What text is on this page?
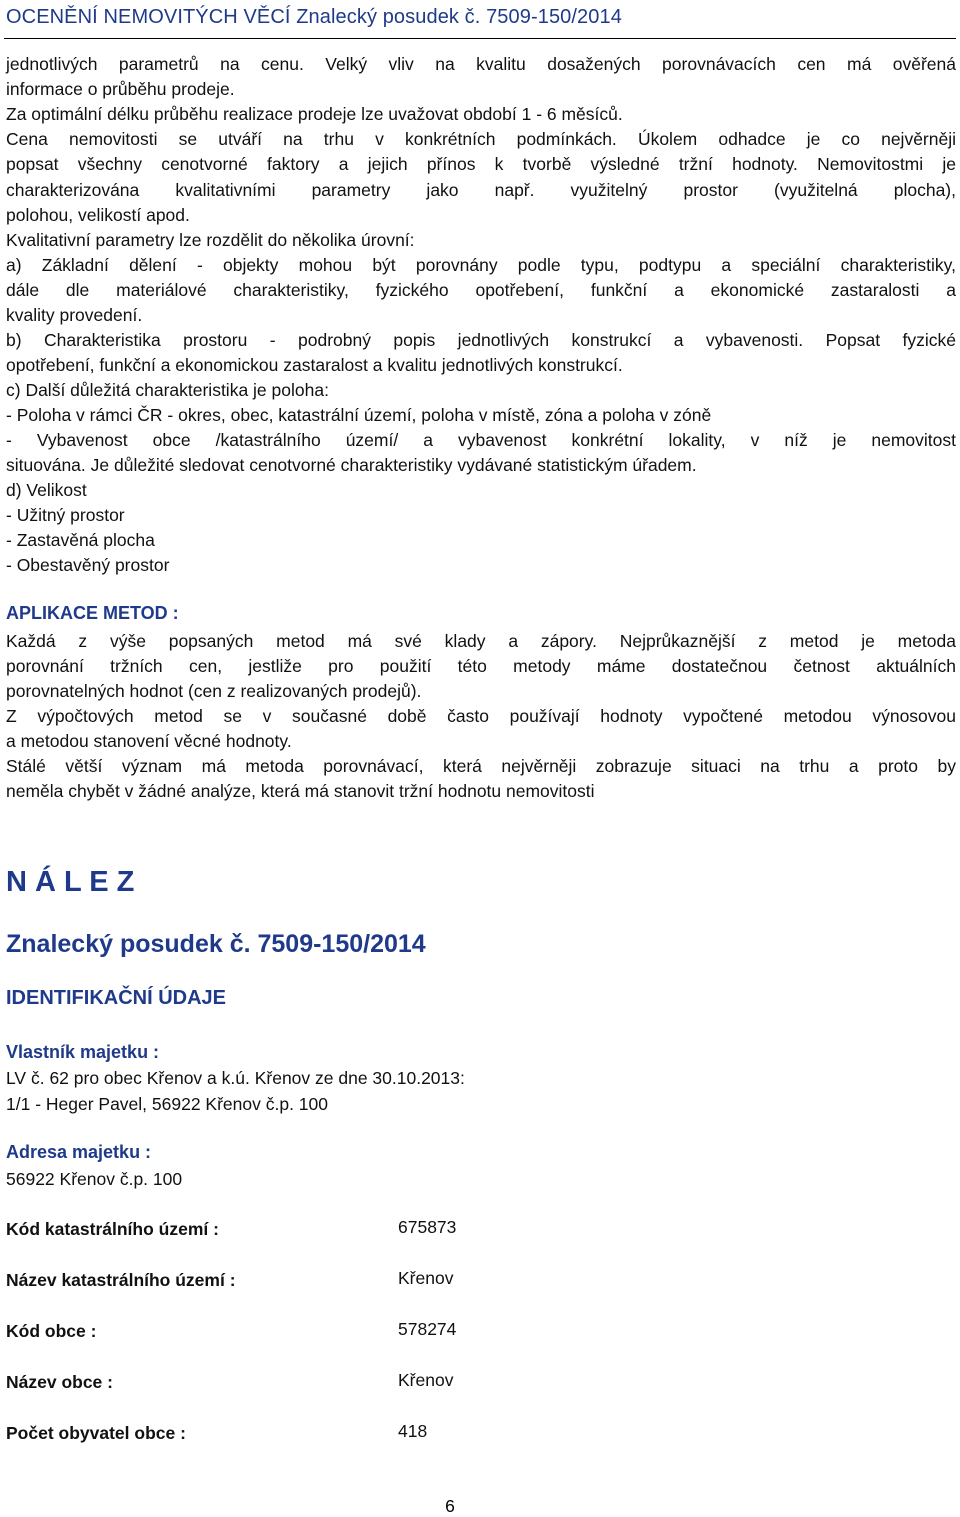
OCENĚNÍ NEMOVITÝCH VĚCÍ Znalecký posudek č. 7509-150/2014
jednotlivých parametrů na cenu. Velký vliv na kvalitu dosažených porovnávacích cen má ověřená
informace o průběhu prodeje.
Za optimální délku průběhu realizace prodeje lze uvažovat období 1 - 6 měsíců.
Cena nemovitosti se utváří na trhu v konkrétních podmínkách. Úkolem odhadce je co nejvěrněji
popsat všechny cenotvorné faktory a jejich přínos k tvorbě výsledné tržní hodnoty. Nemovitostmi je
charakterizována kvalitativními parametry jako např. využitelný prostor (využitelná plocha),
polohou, velikostí apod.
Kvalitativní parametry lze rozdělit do několika úrovní:
a) Základní dělení - objekty mohou být porovnány podle typu, podtypu a speciální charakteristiky,
dále dle materiálové charakteristiky, fyzického opotřebení, funkční a ekonomické zastaralosti a
kvality provedení.
b) Charakteristika prostoru - podrobný popis jednotlivých konstrukcí a vybavenosti. Popsat fyzické
opotřebení, funkční a ekonomickou zastaralost a kvalitu jednotlivých konstrukcí.
c) Další důležitá charakteristika je poloha:
- Poloha v rámci ČR - okres, obec, katastrální území, poloha v místě, zóna a poloha v zóně
- Vybavenost obce /katastrálního území/ a vybavenost konkrétní lokality, v níž je nemovitost
situována. Je důležité sledovat cenotvorné charakteristiky vydávané statistickým úřadem.
d) Velikost
- Užitný prostor
- Zastavěná plocha
- Obestavěný prostor
APLIKACE METOD :
Každá z výše popsaných metod má své klady a zápory. Nejprůkaznější z metod je metoda
porovnání tržních cen, jestliže pro použití této metody máme dostatečnou četnost aktuálních
porovnatelných hodnot (cen z realizovaných prodejů).
Z výpočtových metod se v současné době často používají hodnoty vypočtené metodou výnosovou
a metodou stanovení věcné hodnoty.
Stálé větší význam má metoda porovnávací, která nejvěrněji zobrazuje situaci na trhu a proto by
neměla chybět v žádné analýze, která má stanovit tržní hodnotu nemovitosti
N Á L E Z
Znalecký posudek č. 7509-150/2014
IDENTIFIKAČNÍ ÚDAJE
Vlastník majetku :
LV č. 62 pro obec Křenov a k.ú. Křenov ze dne 30.10.2013:
1/1 - Heger Pavel, 56922 Křenov č.p. 100
Adresa majetku :
56922 Křenov č.p. 100
Kód katastrálního území :	675873
Název katastrálního území :	Křenov
Kód obce :	578274
Název obce :	Křenov
Počet obyvatel obce :	418
6
